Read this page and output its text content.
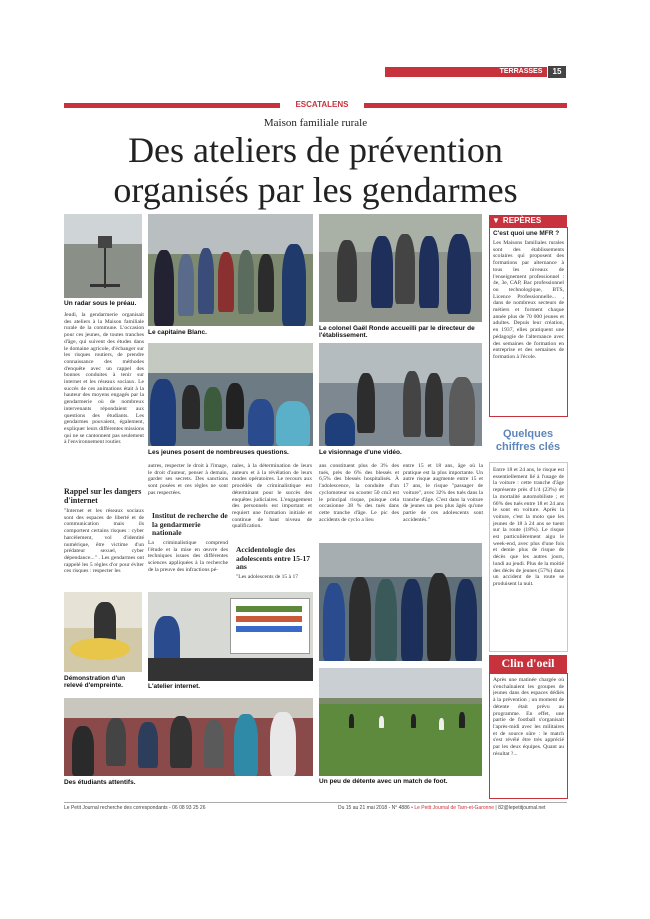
TERRASSES	15
ESCATALENS
Maison familiale rurale
Des ateliers de prévention
organisés par les gendarmes
Un radar sous le préau.
Le capitaine Blanc.
Le colonel Gaël Ronde accueilli par le directeur de l'établissement.
Jeudi, la gendarmerie organisait des ateliers à la Maison familiale rurale de la commune. L'occasion pour ces jeunes, de toutes tranches d'âge, qui suivent des études dans le domaine agricole, d'échanger sur les risques routiers, de prendre connaissance des méthodes d'enquête avec un rappel des bonnes conduites à tenir sur internet et les réseaux sociaux. Le succès de ces animations était à la hauteur des moyens engagés par la gendarmerie où de nombreux intervenants répondaient aux questions des étudiants. Les gendarmes pouvaient, également, expliquer leurs différentes missions qui ne se cantonnent pas seulement à l'environnement routier.
Rappel sur les dangers d'internet
"Internet et les réseaux sociaux sont des espaces de liberté et de communication mais ils comportent certains risques : cyber harcèlement, vol d'identité numérique, être victime d'un prédateur sexuel, cyber dépendance..." . Les gendarmes ont rappelé les 5 règles d'or pour éviter ces risques : respecter les
Les jeunes posent de nombreuses questions.	Le visionnage d'une vidéo.
autres, respecter le droit à l'image, le droit d'auteur, penser à demain, garder ses secrets. Des sanctions sont posées et ces règles ne sont pas respectées.
Institut de recherche de la gendarmerie nationale
La criminalistique comprend l'étude et la mise en œuvre des techniques issues des différentes sciences appliquées à la recherche de la preuve des infractions pé-
nales, à la détermination de leurs auteurs et à la révélation de leurs modes opératoires. Le recours aux procédés de criminalistique est déterminant pour le succès des enquêtes judiciaires. L'engagement des personnels est important et requiert une formation initiale et continue de haut niveau de qualification.
Accidentologie des adolescents entre 15-17 ans
"Les adolescents de 15 à 17
ans constituent plus de 3% des tués, près de 6% des blessés et 6,5% des blessés hospitalisés. À l'adolescence, la conduite d'un cyclomoteur ou scooter 50 cm3 est le principal risque, puisque cela occasionne 38 % des tués dans cette tranche d'âge. Le pic des accidents de cyclo a lieu
entre 15 et 18 ans, âge où la pratique est la plus importante. Un autre risque augmente entre 15 et 17 ans, le risque "passager de voiture", avec 32% des tués dans la tranche d'âge. C'est dans la voiture de jeunes un peu plus âgés qu'une partie de ces adolescents sont accidentés."
Démonstration d'un relevé d'empreinte.	L'atelier internet.
Un peu de détente avec un match de foot.
Des étudiants attentifs.
▼ REPÈRES
C'est quoi une MFR ?
Les Maisons familiales rurales sont des établissements scolaires qui proposent des formations par alternance à tous les niveaux de l'enseignement professionnel : 4e, 3e, CAP, Bac professionnel ou technologique, BTS, Licence Professionnelle... , dans de nombreux secteurs de métiers et forment chaque année plus de 70 000 jeunes et adultes. Depuis leur création, en 1937, elles pratiquent une pédagogie de l'alternance avec des semaines de formation en entreprise et des semaines de formation à l'école.
Quelques chiffres clés
Entre 18 et 24 ans, le risque est essentiellement lié à l'usage de la voiture : cette tranche d'âge représente près d'1/4 (23%) de la mortalité automobiliste ; et 66% des tués entre 18 et 24 ans le sont en voiture. Après la voiture, c'est la moto que les jeunes de 18 à 24 ans se tuent sur la route (18%). Le risque est particulièrement aigu le week-end, avec plus d'une fois et demie plus de risque de décès que les autres jours, lundi au jeudi. Plus de la moitié des décès de jeunes (57%) dans un accident de la route se produisent la nuit.
Clin d'oeil
Après une matinée chargée où s'enchaînaient les groupes de jeunes dans des espaces dédiés à la prévention ; un moment de détente était prévu au programme. En effet, une partie de football s'organisait l'après-midi avec les militaires et de source sûre : le match s'est révélé être très apprécié par les deux équipes. Quant au résultat ?...
Le Petit Journal recherche des correspondants - 06 08 93 25 26	Du 15 au 21 mai 2018 - N° 4886 • Le Petit Journal de Tarn-et-Garonne | 82@lepetitjournal.net
